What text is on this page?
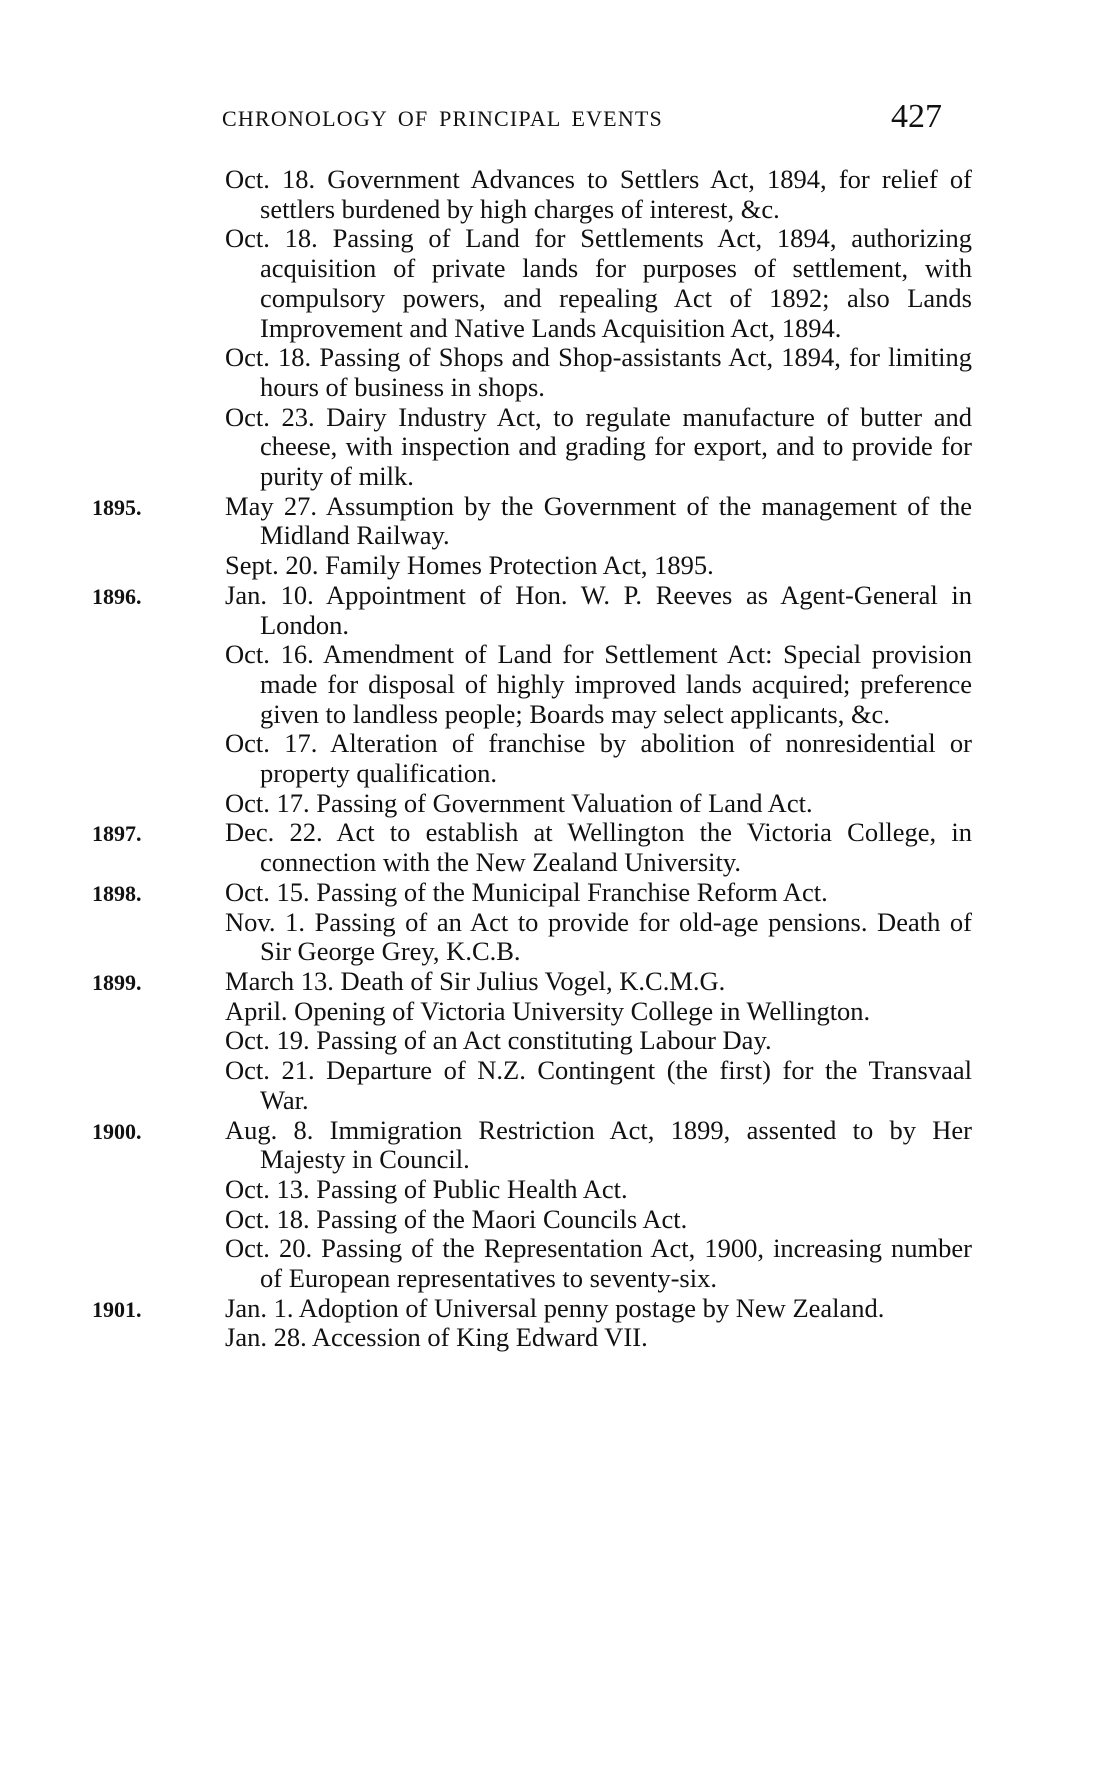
CHRONOLOGY OF PRINCIPAL EVENTS	427
Oct. 18. Government Advances to Settlers Act, 1894, for relief of settlers burdened by high charges of interest, &c.
Oct. 18. Passing of Land for Settlements Act, 1894, authorizing acquisition of private lands for purposes of settlement, with compulsory powers, and repealing Act of 1892; also Lands Improvement and Native Lands Acquisition Act, 1894.
Oct. 18. Passing of Shops and Shop-assistants Act, 1894, for limiting hours of business in shops.
Oct. 23. Dairy Industry Act, to regulate manufacture of butter and cheese, with inspection and grading for export, and to provide for purity of milk.
1895.	May 27. Assumption by the Government of the management of the Midland Railway.
Sept. 20. Family Homes Protection Act, 1895.
1896.	Jan. 10. Appointment of Hon. W. P. Reeves as Agent-General in London.
Oct. 16. Amendment of Land for Settlement Act: Special provision made for disposal of highly improved lands acquired; preference given to landless people; Boards may select applicants, &c.
Oct. 17. Alteration of franchise by abolition of nonresidential or property qualification.
Oct. 17. Passing of Government Valuation of Land Act.
1897.	Dec. 22. Act to establish at Wellington the Victoria College, in connection with the New Zealand University.
1898.	Oct. 15. Passing of the Municipal Franchise Reform Act.
Nov. 1. Passing of an Act to provide for old-age pensions. Death of Sir George Grey, K.C.B.
1899.	March 13. Death of Sir Julius Vogel, K.C.M.G.
April. Opening of Victoria University College in Wellington.
Oct. 19. Passing of an Act constituting Labour Day.
Oct. 21. Departure of N.Z. Contingent (the first) for the Transvaal War.
1900.	Aug. 8. Immigration Restriction Act, 1899, assented to by Her Majesty in Council.
Oct. 13. Passing of Public Health Act.
Oct. 18. Passing of the Maori Councils Act.
Oct. 20. Passing of the Representation Act, 1900, increasing number of European representatives to seventy-six.
1901.	Jan. 1. Adoption of Universal penny postage by New Zealand.
Jan. 28. Accession of King Edward VII.
